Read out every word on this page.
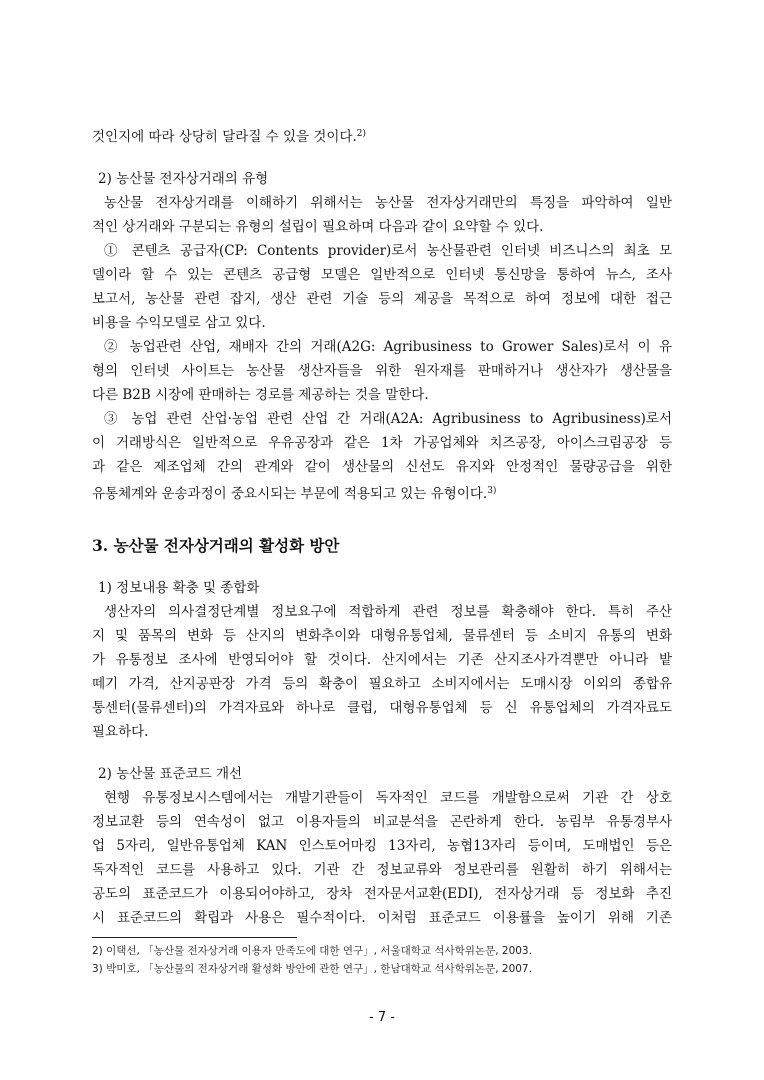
것인지에 따라 상당히 달라질 수 있을 것이다.$^{2)}$
2) 농산물 전자상거래의 유형
농산물 전자상거래를 이해하기 위해서는 농산물 전자상거래만의 특징을 파악하여 일반
적인 상거래와 구분되는 유형의 설립이 필요하며 다음과 같이 요약할 수 있다.
① 콘텐츠 공급자(CP: Contents provider)로서 농산물관련 인터넷 비즈니스의 최초 모
델이라 할 수 있는 콘텐츠 공급형 모델은 일반적으로 인터넷 통신망을 통하여 뉴스, 조사
보고서, 농산물 관련 잡지, 생산 관련 기술 등의 제공을 목적으로 하여 정보에 대한 접근
비용을 수익모델로 삼고 있다.
② 농업관련 산업, 재배자 간의 거래(A2G: Agribusiness to Grower Sales)로서 이 유
형의 인터넷 사이트는 농산물 생산자들을 위한 원자재를 판매하거나 생산자가 생산물을
다른 B2B 시장에 판매하는 경로를 제공하는 것을 말한다.
③ 농업 관련 산업·농업 관련 산업 간 거래(A2A: Agribusiness to Agribusiness)로서
이 거래방식은 일반적으로 우유공장과 같은 1차 가공업체와 치즈공장, 아이스크림공장 등
과 같은 제조업체 간의 관계와 같이 생산물의 신선도 유지와 안정적인 물량공급을 위한
유통체계와 운송과정이 중요시되는 부문에 적용되고 있는 유형이다.$^{3)}$
3. 농산물 전자상거래의 활성화 방안
1) 정보내용 확충 및 종합화
생산자의 의사결정단계별 정보요구에 적합하게 관련 정보를 확충해야 한다. 특히 주산
지 및 품목의 변화 등 산지의 변화추이와 대형유통업체, 물류센터 등 소비지 유통의 변화
가 유통정보 조사에 반영되어야 할 것이다. 산지에서는 기존 산지조사가격뿐만 아니라 밭
떼기 가격, 산지공판장 가격 등의 확충이 필요하고 소비지에서는 도매시장 이외의 종합유
통센터(물류센터)의 가격자료와 하나로 클럽, 대형유통업체 등 신 유통업체의 가격자료도
필요하다.
2) 농산물 표준코드 개선
현행 유통정보시스템에서는 개발기관들이 독자적인 코드를 개발함으로써 기관 간 상호
정보교환 등의 연속성이 없고 이용자들의 비교분석을 곤란하게 한다. 농림부 유통경부사
업 5자리, 일반유통업체 KAN 인스토어마킹 13자리, 농협13자리 등이며, 도매법인 등은
독자적인 코드를 사용하고 있다. 기관 간 정보교류와 정보관리를 원활히 하기 위해서는
공도의 표준코드가 이용되어야하고, 장차 전자문서교환(EDI), 전자상거래 등 정보화 추진
시 표준코드의 확립과 사용은 필수적이다. 이처럼 표준코드 이용률을 높이기 위해 기존
2) 이택선, 「농산물 전자상거래 이용자 만족도에 대한 연구」, 서울대학교 석사학위논문, 2003.
3) 박미호, 「농산물의 전자상거래 활성화 방안에 관한 연구」, 한남대학교 석사학위논문, 2007.
- 7 -
